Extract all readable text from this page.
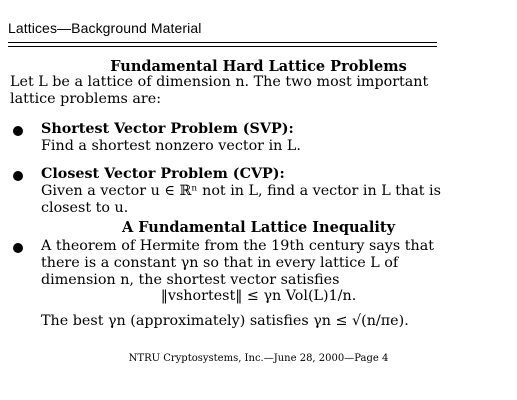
Lattices—Background Material
Fundamental Hard Lattice Problems
Let L be a lattice of dimension n. The two most important lattice problems are:
Shortest Vector Problem (SVP):
Find a shortest nonzero vector in L.
Closest Vector Problem (CVP):
Given a vector u ∈ ℝⁿ not in L, find a vector in L that is closest to u.
A Fundamental Lattice Inequality
A theorem of Hermite from the 19th century says that there is a constant γn so that in every lattice L of dimension n, the shortest vector satisfies
‖vshortest‖ ≤ γn Vol(L)1/n.
The best γn (approximately) satisfies γn ≤ √(n/πe).
NTRU Cryptosystems, Inc.—June 28, 2000—Page 4
